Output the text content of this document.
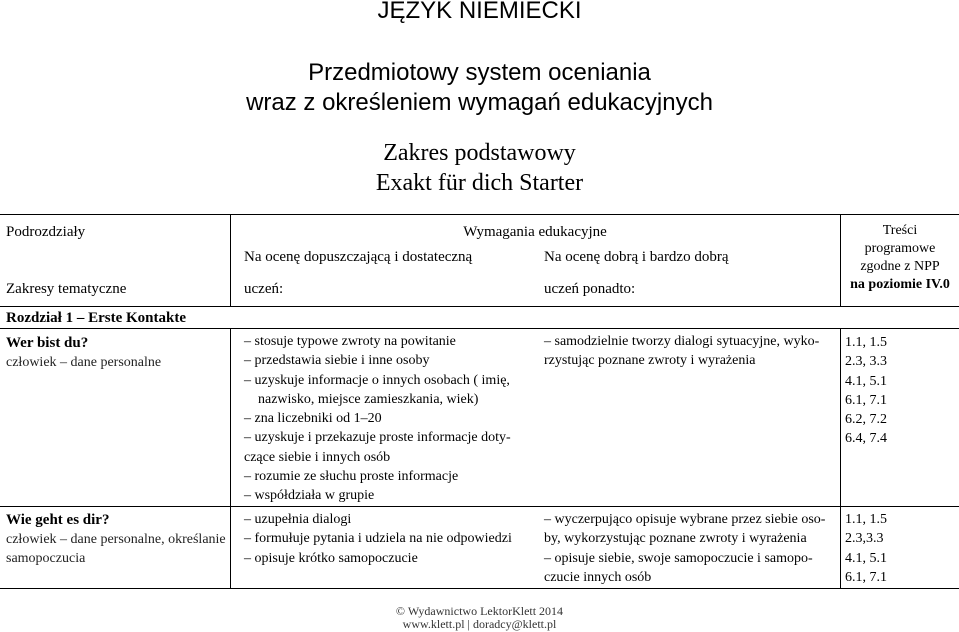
JĘZYK NIEMIECKI
Przedmiotowy system oceniania
wraz z określeniem wymagań edukacyjnych
Zakres podstawowy
Exakt für dich Starter
Podrozdziały
Zakresy tematyczne
Wymagania edukacyjne
Na ocenę dopuszczającą i dostateczną
uczeń:
Na ocenę dobrą i bardzo dobrą
uczeń ponadto:
Treści
programowe
zgodne z NPP
na poziomie IV.0
Rozdział 1 – Erste Kontakte
Wer bist du?
człowiek – dane personalne
– stosuje typowe zwroty na powitanie
– przedstawia siebie i inne osoby
– uzyskuje informacje o innych osobach ( imię,
nazwisko, miejsce zamieszkania, wiek)
– zna liczebniki od 1–20
– uzyskuje i przekazuje proste informacje doty-
czące siebie i innych osób
– rozumie ze słuchu proste informacje
– współdziała w grupie
– samodzielnie tworzy dialogi sytuacyjne, wyko-
rzystując poznane zwroty i wyrażenia
1.1, 1.5
2.3, 3.3
4.1, 5.1
6.1, 7.1
6.2, 7.2
6.4, 7.4
Wie geht es dir?
człowiek – dane personalne, określanie
samopoczucia
– uzupełnia dialogi
– formułuje pytania i udziela na nie odpowiedzi
– opisuje krótko samopoczucie
– wyczerpująco opisuje wybrane przez siebie oso-
by, wykorzystując poznane zwroty i wyrażenia
– opisuje siebie, swoje samopoczucie i samopo-
czucie innych osób
1.1, 1.5
2.3,3.3
4.1, 5.1
6.1, 7.1
© Wydawnictwo LektorKlett 2014
www.klett.pl | doradcy@klett.pl
